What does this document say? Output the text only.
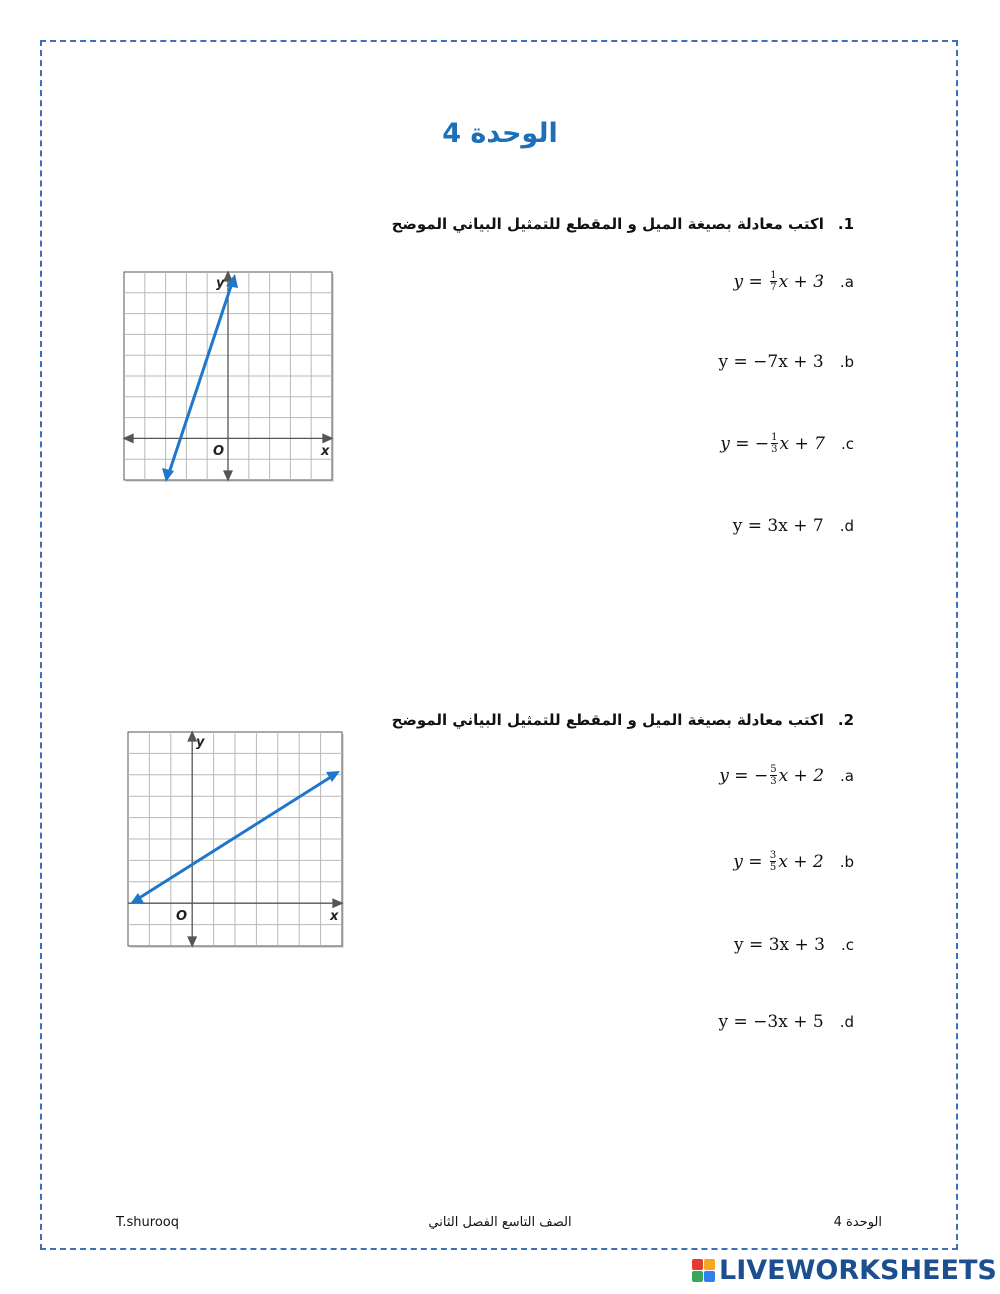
الوحدة 4
1.اكتب معادلة بصيغة الميل و المقطع للتمثيل البياني الموضح
y =
$\frac{1}{7}$ x + 3 .a
y = −7x + 3 .b
y =
− $\frac{1}{3}$ x + 7 .c
y = 3x + 7 .d
y
x
O
2.اكتب معادلة بصيغة الميل و المقطع للتمثيل البياني الموضح
y =
− $\frac{5}{3}$ x + 2 .a
y =
$\frac{3}{5}$ x + 2 .b
y = 3x + 3 .c
y = −3x + 5 .d
y
x
O
T.shurooq	الصف التاسع الفصل الثاني	الوحدة 4
LIVEWORKSHEETS
